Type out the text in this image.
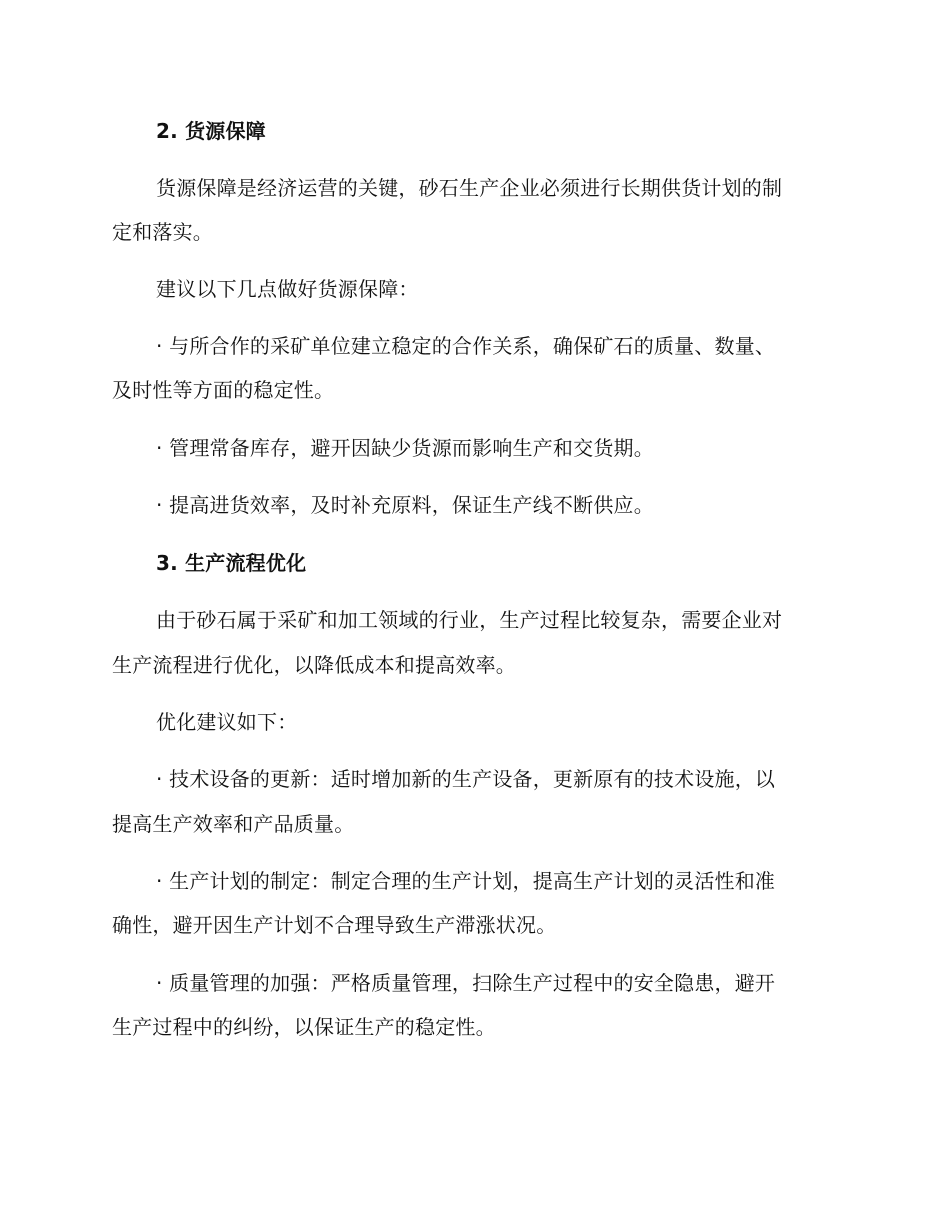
2. 货源保障

货源保障是经济运营的关键，砂石生产企业必须进行长期供货计划的制

定和落实。

建议以下几点做好货源保障：

· 与所合作的采矿单位建立稳定的合作关系，确保矿石的质量、数量、

及时性等方面的稳定性。

· 管理常备库存，避开因缺少货源而影响生产和交货期。

· 提高进货效率，及时补充原料，保证生产线不断供应。

3. 生产流程优化

由于砂石属于采矿和加工领域的行业，生产过程比较复杂，需要企业对

生产流程进行优化，以降低成本和提高效率。

优化建议如下：

· 技术设备的更新：适时增加新的生产设备，更新原有的技术设施，以

提高生产效率和产品质量。

· 生产计划的制定：制定合理的生产计划，提高生产计划的灵活性和准

确性，避开因生产计划不合理导致生产滞涨状况。

· 质量管理的加强：严格质量管理，扫除生产过程中的安全隐患，避开

生产过程中的纠纷，以保证生产的稳定性。
